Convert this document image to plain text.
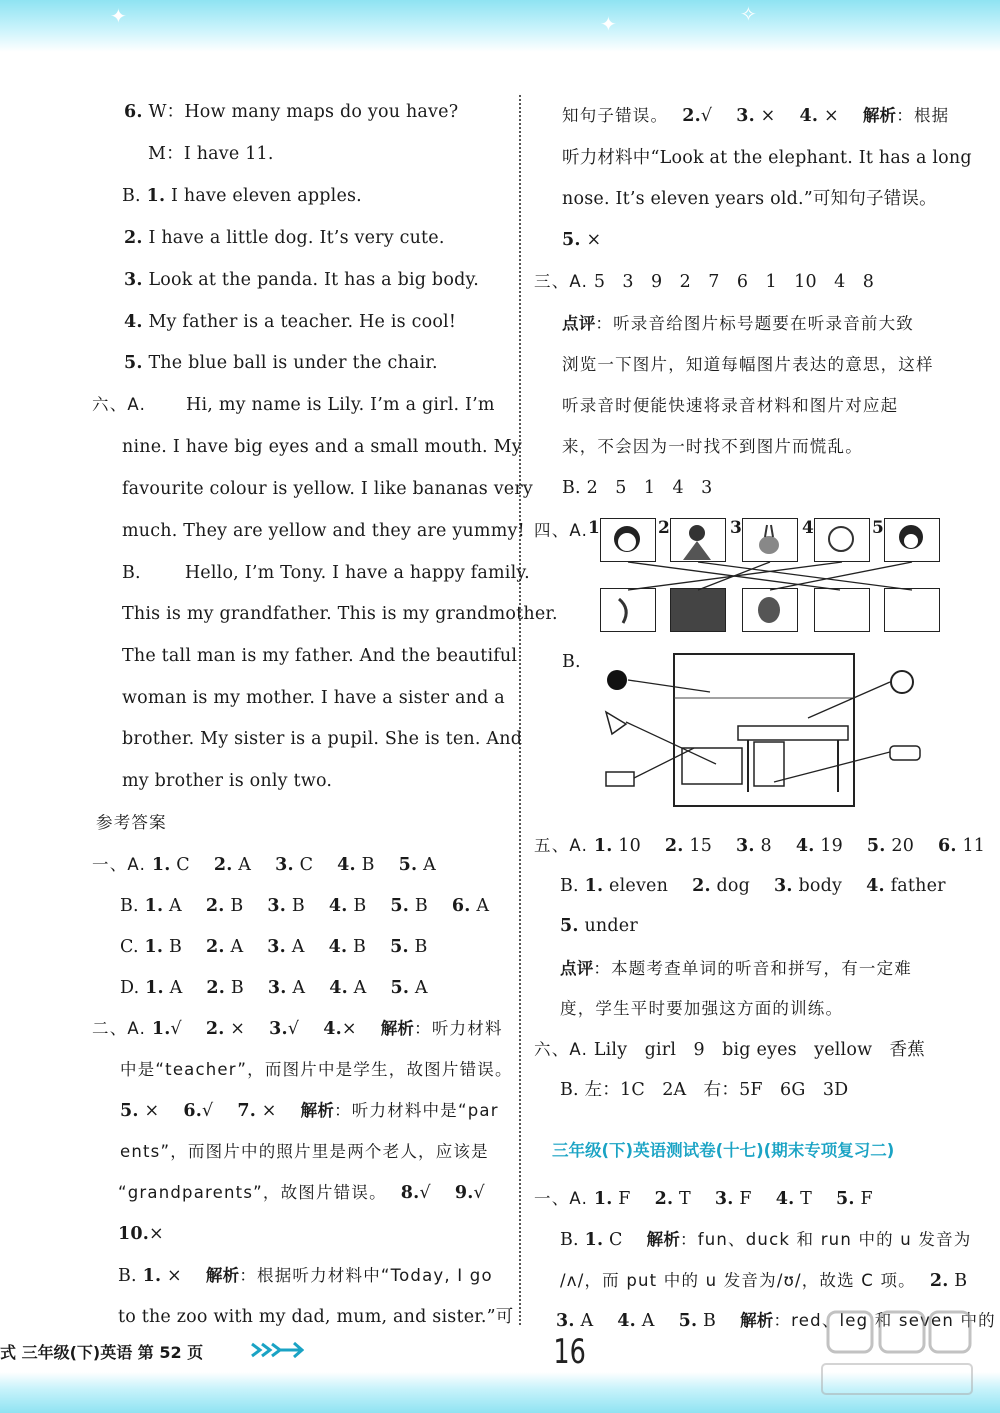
✦	✦	✧
6. W：How many maps do you have?
M：I have 11.
B. 1. I have eleven apples.
2. I have a little dog. It’s very cute.
3. Look at the panda. It has a big body.
4. My father is a teacher. He is cool!
5. The blue ball is under the chair.
六、A. Hi, my name is Lily. I’m a girl. I’m
nine. I have big eyes and a small mouth. My
favourite colour is yellow. I like bananas very
much. They are yellow and they are yummy!
B.	Hello, I’m Tony. I have a happy family.
This is my grandfather. This is my grandmother.
The tall man is my father. And the beautiful
woman is my mother. I have a sister and a
brother. My sister is a pupil. She is ten. And
my brother is only two.
参考答案
一、A. 1. C 2. A 3. C 4. B 5. A
B. 1. A 2. B 3. B 4. B 5. B 6. A
C. 1. B 2. A 3. A 4. B 5. B
D. 1. A 2. B 3. A 4. A 5. A
二、A. 1.√ 2. × 3.√ 4.× 解析：听力材料
中是“teacher”，而图片中是学生，故图片错误。
5. × 6.√ 7. × 解析：听力材料中是“par
ents”，而图片中的照片里是两个老人，应该是
“grandparents”，故图片错误。 8.√ 9.√
10.×
B. 1. × 解析：根据听力材料中“Today, I go
to the zoo with my dad, mum, and sister.”可
知句子错误。 2.√ 3. × 4. × 解析：根据
听力材料中“Look at the elephant. It has a long
nose. It’s eleven years old.”可知句子错误。
5. ×
三、A. 5   3   9   2   7   6   1   10   4   8
点评：听录音给图片标号题要在听录音前大致
浏览一下图片，知道每幅图片表达的意思，这样
听录音时便能快速将录音材料和图片对应起
来，不会因为一时找不到图片而慌乱。
B. 2   5   1   4   3
四、A. 1	2	3	4	5
B.
五、A. 1. 10 2. 15 3. 8 4. 19 5. 20 6. 11
B. 1. eleven 2. dog 3. body 4. father
5. under
点评：本题考查单词的听音和拼写，有一定难
度，学生平时要加强这方面的训练。
六、A. Lily   girl   9   big eyes   yellow   香蕉
B. 左：1C   2A   右：5F   6G   3D
三年级(下)英语测试卷(十七)(期末专项复习二)
一、A. 1. F 2. T 3. F 4. T 5. F
B. 1. C 解析：fun、duck 和 run 中的 u 发音为
/ʌ/，而 put 中的 u 发音为/ʊ/，故选 C 项。 2. B
3. A 4. A 5. B 解析：red、leg 和 seven 中的
式 三年级(下)英语 第 52 页	16
